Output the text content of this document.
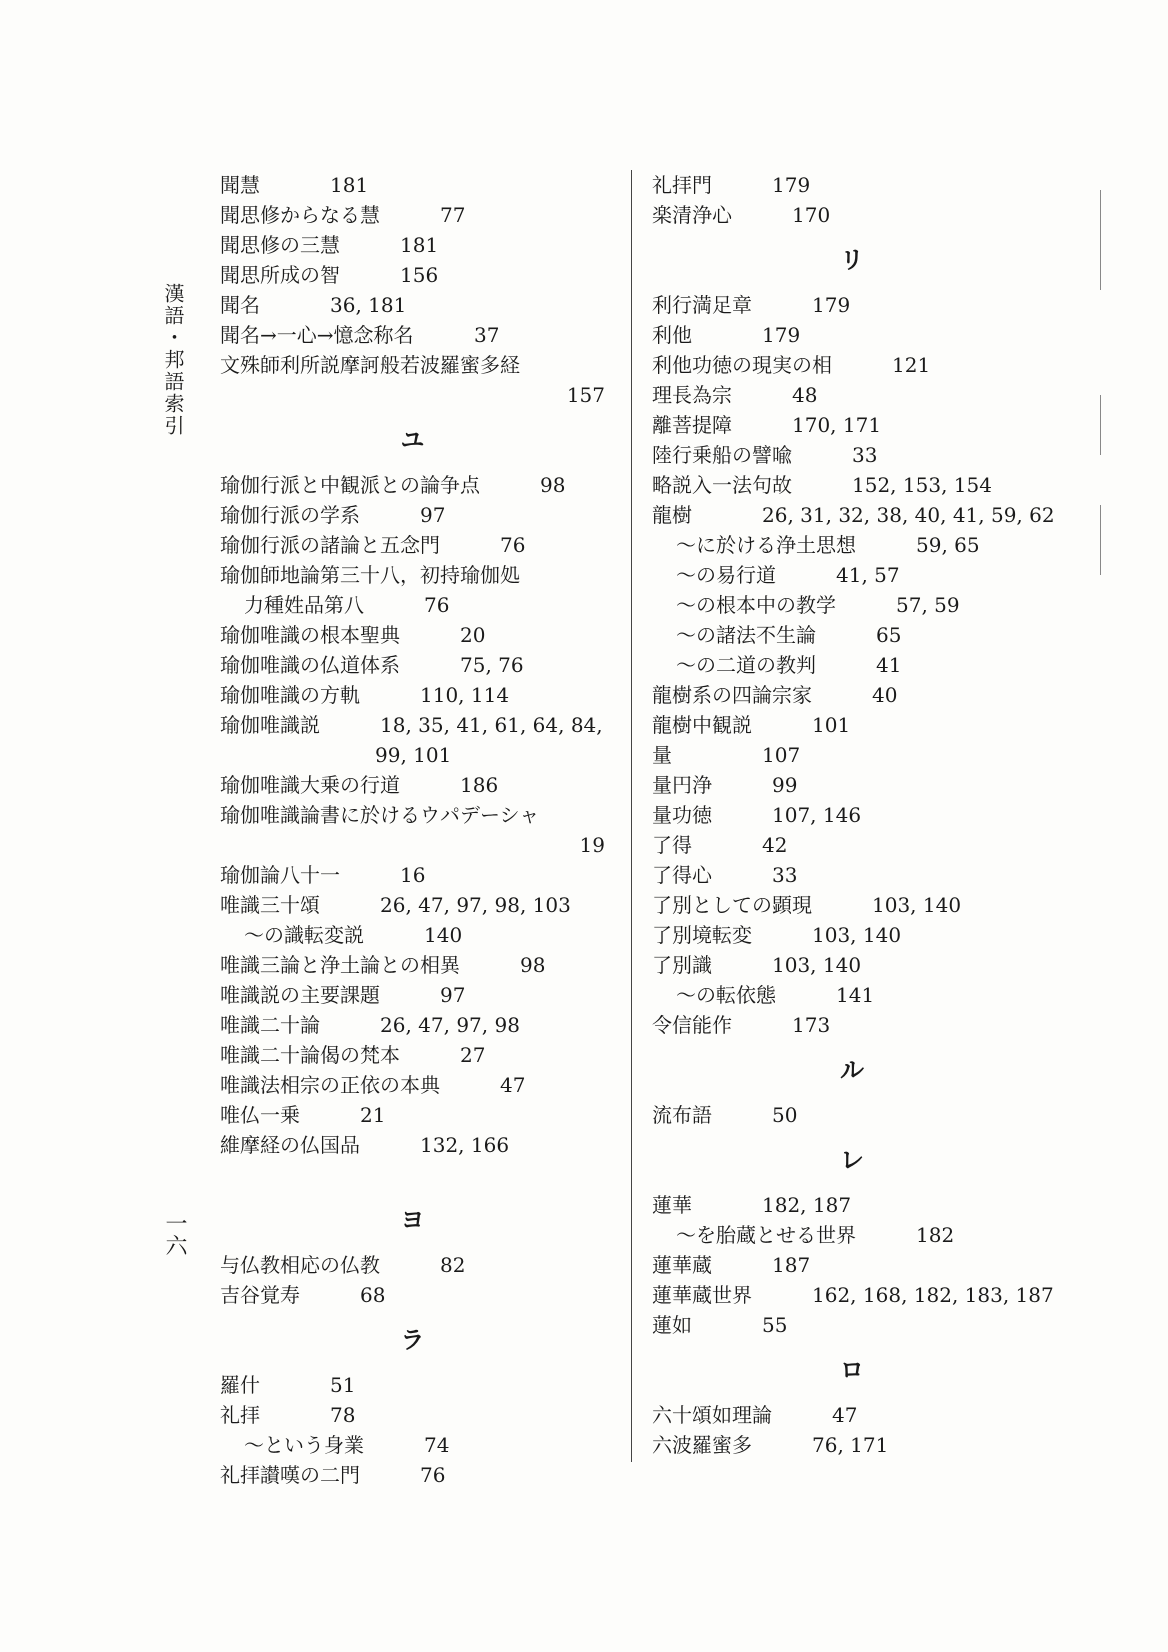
漢語・邦語索引
一六
聞慧	181
聞思修からなる慧	77
聞思修の三慧	181
聞思所成の智	156
聞名	36, 181
聞名→一心→憶念称名	37
文殊師利所説摩訶般若波羅蜜多経
157
ユ
瑜伽行派と中観派との論争点	98
瑜伽行派の学系	97
瑜伽行派の諸論と五念門	76
瑜伽師地論第三十八，初持瑜伽処
力種姓品第八	76
瑜伽唯識の根本聖典	20
瑜伽唯識の仏道体系	75, 76
瑜伽唯識の方軌	110, 114
瑜伽唯識説	18, 35, 41, 61, 64, 84,
99, 101
瑜伽唯識大乗の行道	186
瑜伽唯識論書に於けるウパデーシャ
19
瑜伽論八十一	16
唯識三十頌	26, 47, 97, 98, 103
～の識転変説	140
唯識三論と浄土論との相異	98
唯識説の主要課題	97
唯識二十論	26, 47, 97, 98
唯識二十論偈の梵本	27
唯識法相宗の正依の本典	47
唯仏一乗	21
維摩経の仏国品	132, 166
ヨ
与仏教相応の仏教	82
吉谷覚寿	68
ラ
羅什	51
礼拝	78
～という身業	74
礼拝讃嘆の二門	76
礼拝門	179
楽清浄心	170
リ
利行満足章	179
利他	179
利他功徳の現実の相	121
理長為宗	48
離菩提障	170, 171
陸行乗船の譬喩	33
略説入一法句故	152, 153, 154
龍樹	26, 31, 32, 38, 40, 41, 59, 62
～に於ける浄土思想	59, 65
～の易行道	41, 57
～の根本中の教学	57, 59
～の諸法不生論	65
～の二道の教判	41
龍樹系の四論宗家	40
龍樹中観説	101
量	107
量円浄	99
量功徳	107, 146
了得	42
了得心	33
了別としての顕現	103, 140
了別境転変	103, 140
了別識	103, 140
～の転依態	141
令信能作	173
ル
流布語	50
レ
蓮華	182, 187
～を胎蔵とせる世界	182
蓮華蔵	187
蓮華蔵世界	162, 168, 182, 183, 187
蓮如	55
ロ
六十頌如理論	47
六波羅蜜多	76, 171
